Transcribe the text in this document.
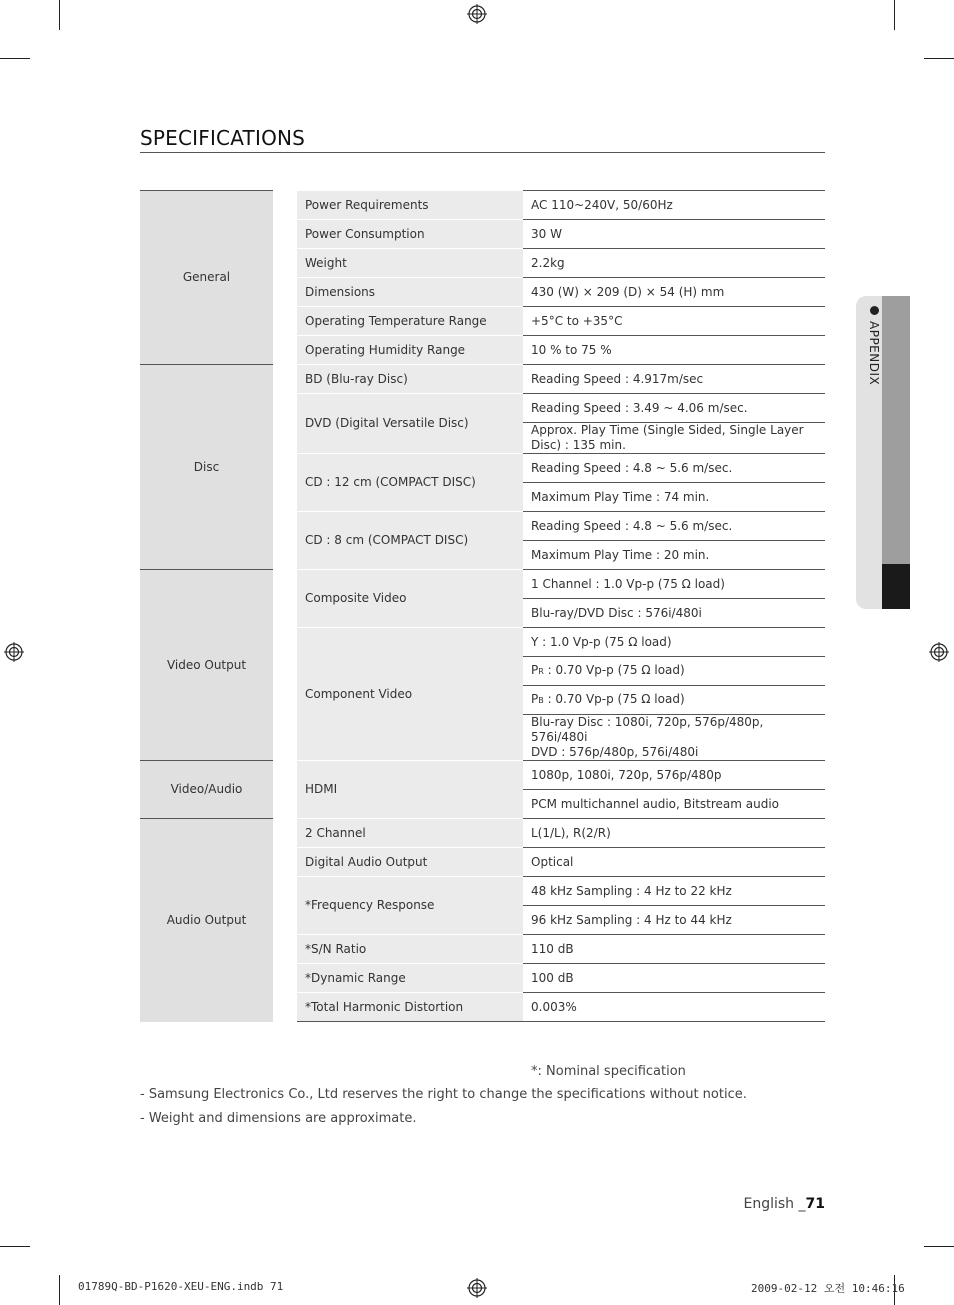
SPECIFICATIONS
APPENDIX
General		Power Requirements	AC 110~240V, 50/60Hz
		Power Consumption	30 W
		Weight	2.2kg
		Dimensions	430 (W) × 209 (D) × 54 (H) mm
		Operating Temperature Range	+5°C to +35°C
		Operating Humidity Range	10 % to 75 %
Disc		BD (Blu-ray Disc)	Reading Speed : 4.917m/sec
		DVD (Digital Versatile Disc)	Reading Speed : 3.49 ~ 4.06 m/sec.
			Approx. Play Time (Single Sided, Single Layer Disc) : 135 min.
		CD : 12 cm (COMPACT DISC)	Reading Speed : 4.8 ~ 5.6 m/sec.
			Maximum Play Time : 74 min.
		CD : 8 cm (COMPACT DISC)	Reading Speed : 4.8 ~ 5.6 m/sec.
			Maximum Play Time : 20 min.
Video Output		Composite Video	1 Channel : 1.0 Vp-p (75 Ω load)
			Blu-ray/DVD Disc : 576i/480i
		Component Video	Y : 1.0 Vp-p (75 Ω load)
			PR : 0.70 Vp-p (75 Ω load)
			PB : 0.70 Vp-p (75 Ω load)

			Blu-ray Disc : 1080i, 720p, 576p/480p, 576i/480i
DVD : 576p/480p, 576i/480i

Video/Audio		HDMI	1080p, 1080i, 720p, 576p/480p
			PCM multichannel audio, Bitstream audio
Audio Output		2 Channel	L(1/L), R(2/R)
		Digital Audio Output	Optical
		*Frequency Response	48 kHz Sampling : 4 Hz to 22 kHz
			96 kHz Sampling : 4 Hz to 44 kHz
		*S/N Ratio	110 dB
		*Dynamic Range	100 dB
		*Total Harmonic Distortion	0.003%
*: Nominal specification
- Samsung Electronics Co., Ltd reserves the right to change the specifications without notice.
- Weight and dimensions are approximate.
English _71
01789Q-BD-P1620-XEU-ENG.indb 71	2009-02-12 오전 10:46:16
